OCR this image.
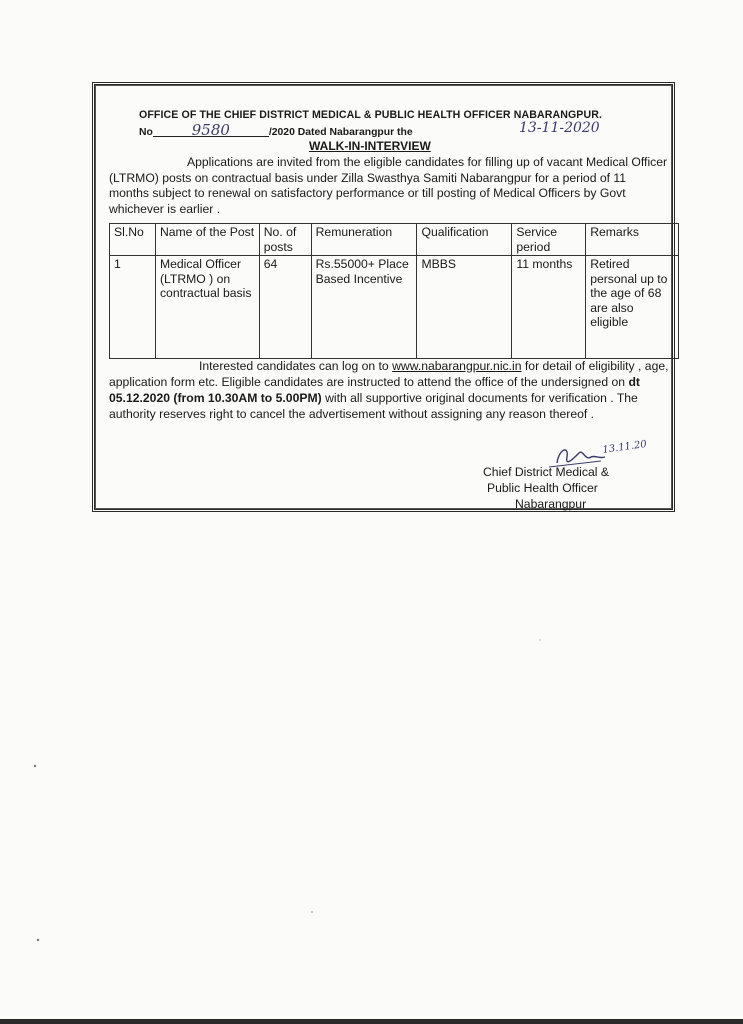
OFFICE OF THE CHIEF DISTRICT MEDICAL & PUBLIC HEALTH OFFICER NABARANGPUR.
No	9580	/2020 Dated Nabarangpur the	13-11-2020
WALK-IN-INTERVIEW
Applications are invited from the eligible candidates for filling up of vacant Medical Officer (LTRMO) posts on contractual basis under Zilla Swasthya Samiti Nabarangpur for a period of 11 months subject to renewal on satisfactory performance or till posting of Medical Officers by Govt whichever is earlier .
Sl.No	Name of the Post	No. of posts	Remuneration	Qualification	Service period	Remarks
1	Medical Officer (LTRMO ) on contractual basis	64	Rs.55000+ Place Based Incentive	MBBS	11 months	Retired personal up to the age of 68 are also eligible
Interested candidates can log on to www.nabarangpur.nic.in for detail of eligibility , age, application form etc. Eligible candidates are instructed to attend the office of the undersigned on dt 05.12.2020 (from 10.30AM to 5.00PM) with all supportive original documents for verification . The authority reserves right to cancel the advertisement without assigning any reason thereof .
13.11.20
Chief District Medical &
Public Health Officer
Nabarangpur
